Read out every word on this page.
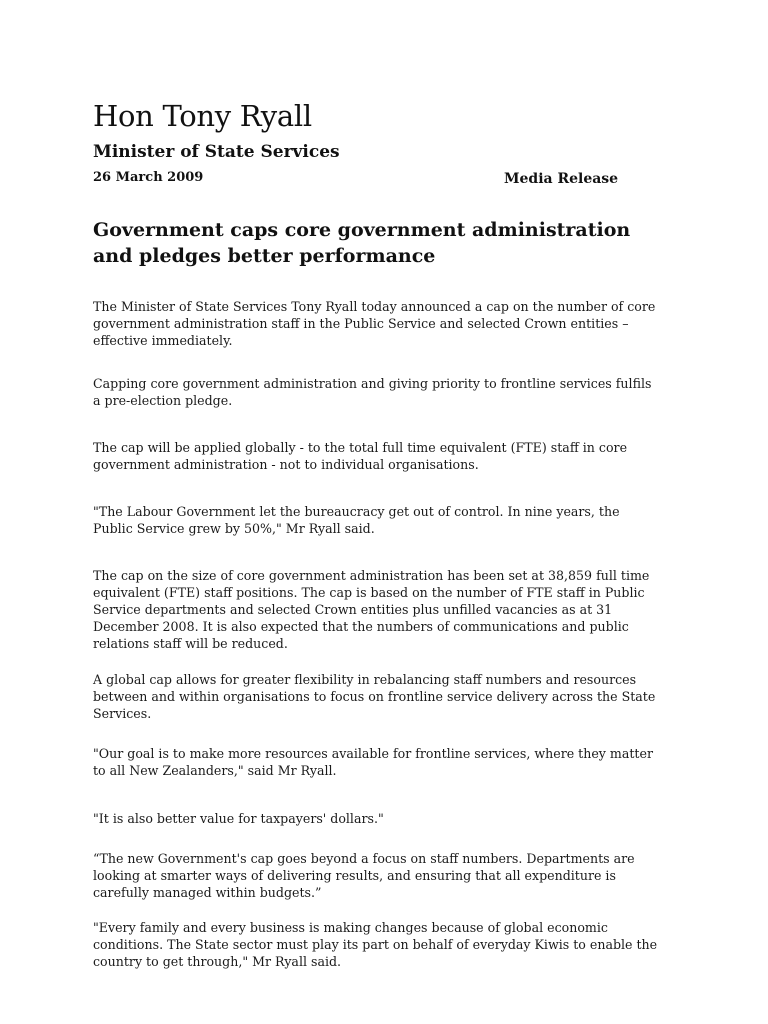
Hon Tony Ryall
Minister of State Services
26 March 2009	Media Release
Government caps core government administration and pledges better performance

The Minister of State Services Tony Ryall today announced a cap on the number of core government administration staff in the Public Service and selected Crown entities – effective immediately.

Capping core government administration and giving priority to frontline services fulfils a pre-election pledge.

The cap will be applied globally - to the total full time equivalent (FTE) staff in core government administration - not to individual organisations.

"The Labour Government let the bureaucracy get out of control. In nine years, the Public Service grew by 50%," Mr Ryall said.

The cap on the size of core government administration has been set at 38,859 full time equivalent (FTE) staff positions. The cap is based on the number of FTE staff in Public Service departments and selected Crown entities plus unfilled vacancies as at 31 December 2008. It is also expected that the numbers of communications and public relations staff will be reduced.

A global cap allows for greater flexibility in rebalancing staff numbers and resources between and within organisations to focus on frontline service delivery across the State Services.

"Our goal is to make more resources available for frontline services, where they matter to all New Zealanders," said Mr Ryall.

"It is also better value for taxpayers' dollars."

“The new Government's cap goes beyond a focus on staff numbers. Departments are looking at smarter ways of delivering results, and ensuring that all expenditure is carefully managed within budgets.”

"Every family and every business is making changes because of global economic conditions. The State sector must play its part on behalf of everyday Kiwis to enable the country to get through," Mr Ryall said.
